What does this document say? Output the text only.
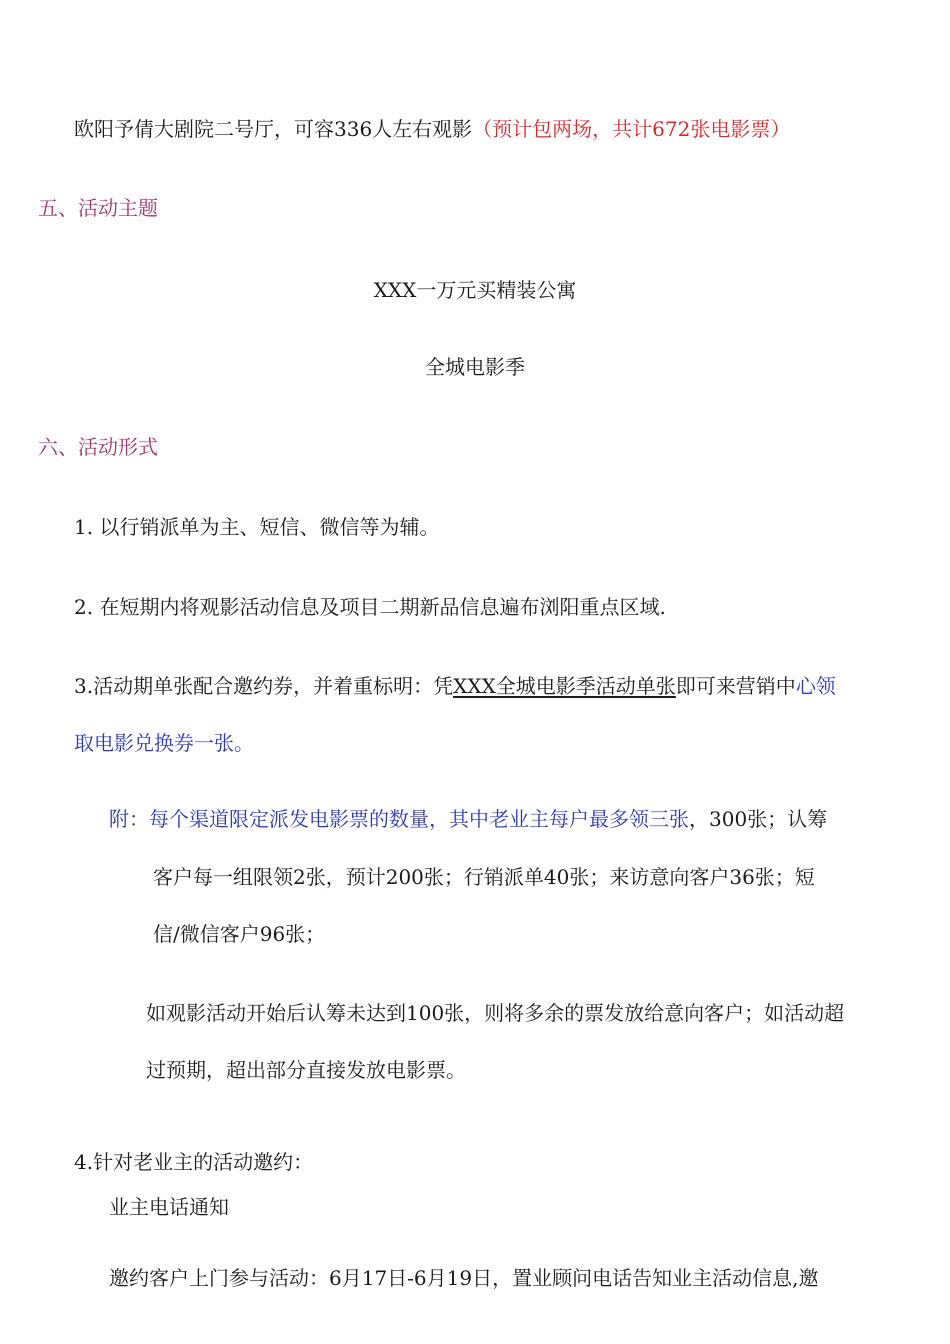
欧阳予倩大剧院二号厅，可容336人左右观影（预计包两场，共计672张电影票）
五、活动主题
XXX一万元买精装公寓
全城电影季
六、活动形式
1. 以行销派单为主、短信、微信等为辅。
2. 在短期内将观影活动信息及项目二期新品信息遍布浏阳重点区域.
3.活动期单张配合邀约券，并着重标明：凭XXX全城电影季活动单张即可来营销中心领
取电影兑换券一张。
附：每个渠道限定派发电影票的数量，其中老业主每户最多领三张，300张；认筹
客户每一组限领2张，预计200张；行销派单40张；来访意向客户36张；短
信/微信客户96张；
如观影活动开始后认筹未达到100张，则将多余的票发放给意向客户；如活动超
过预期，超出部分直接发放电影票。
4.针对老业主的活动邀约：
业主电话通知
邀约客户上门参与活动：6月17日-6月19日，置业顾问电话告知业主活动信息,邀
